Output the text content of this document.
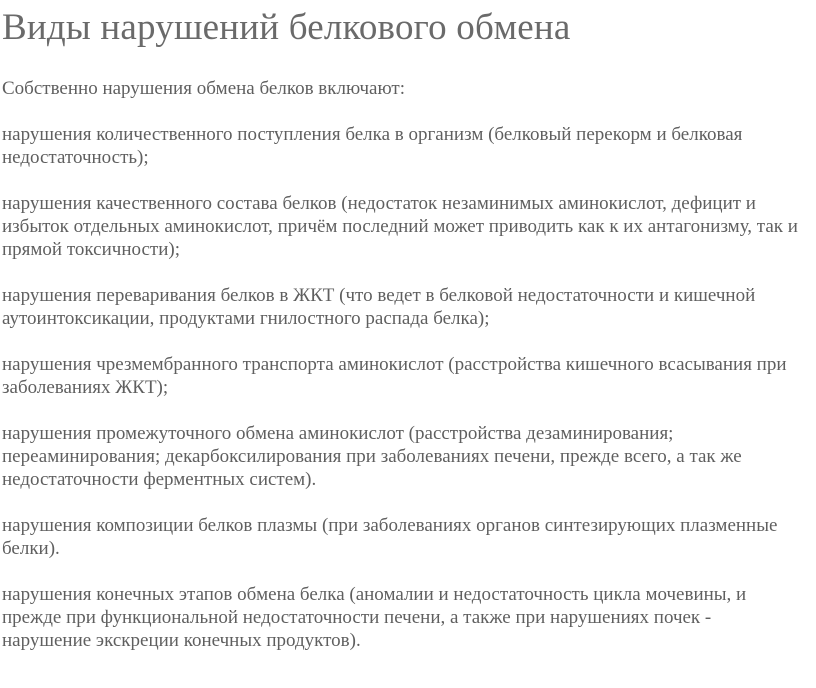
Виды нарушений белкового обмена

Собственно нарушения обмена белков включают:

нарушения количественного поступления белка в организм (белковый перекорм и белковая недостаточность);

нарушения качественного состава белков (недостаток незаминимых аминокислот, дефицит и избыток отдельных аминокислот, причём последний может приводить как к их антагонизму, так и прямой токсичности);

нарушения переваривания белков в ЖКТ (что ведет в белковой недостаточности и кишечной аутоинтоксикации, продуктами гнилостного распада белка);

нарушения чрезмембранного транспорта аминокислот (расстройства кишечного всасывания при заболеваниях ЖКТ);

нарушения промежуточного обмена аминокислот (расстройства дезаминирования; переаминирования; декарбоксилирования при заболеваниях печени, прежде всего, а так же недостаточности ферментных систем).

нарушения композиции белков плазмы (при заболеваниях органов синтезирующих плазменные белки).

нарушения конечных этапов обмена белка (аномалии и недостаточность цикла мочевины, и прежде при функциональной недостаточности печени, а также при нарушениях почек - нарушение экскреции конечных продуктов).
